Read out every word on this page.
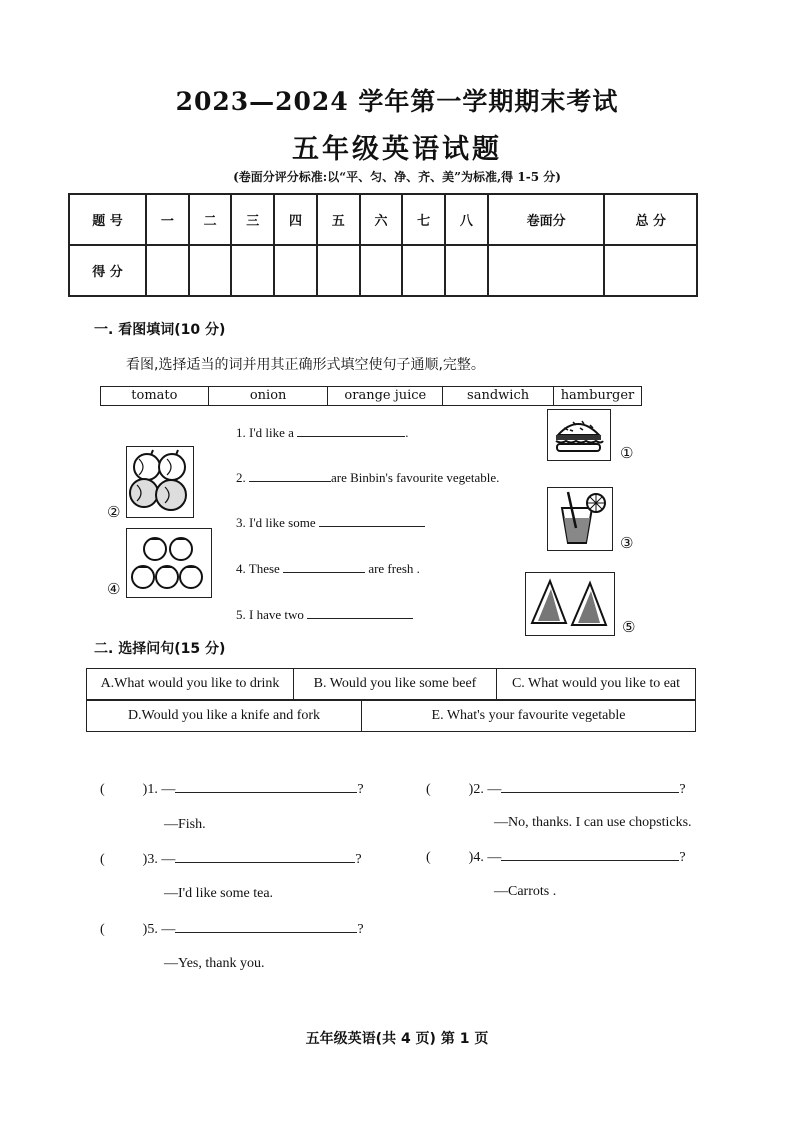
2023—2024 学年第一学期期末考试
五年级英语试题
(卷面分评分标准:以“平、匀、净、齐、美”为标准,得 1-5 分)
题 号	一	二	三	四	五	六	七	八	卷面分	总 分
得 分										
一. 看图填词(10 分)
看图,选择适当的词并用其正确形式填空使句子通顺,完整。
tomato	onion	orange juice	sandwich	hamburger
1. I'd like a	.
2.	are Binbin's favourite vegetable.
3. I'd like some
4. These	are fresh .
5. I have two
①
②
③
④
⑤
二. 选择问句(15 分)
A.What would you like to drink	B. Would you like some beef	C. What would you like to eat
D.Would you like a knife and fork	E. What's your favourite vegetable
(	)1. —	?
—Fish.
(	)2. —	?
—No, thanks. I can use chopsticks.
(	)3. —	?
—I'd like some tea.
(	)4. —	?
—Carrots .
(	)5. —	?
—Yes, thank you.
五年级英语(共 4 页) 第 1 页
